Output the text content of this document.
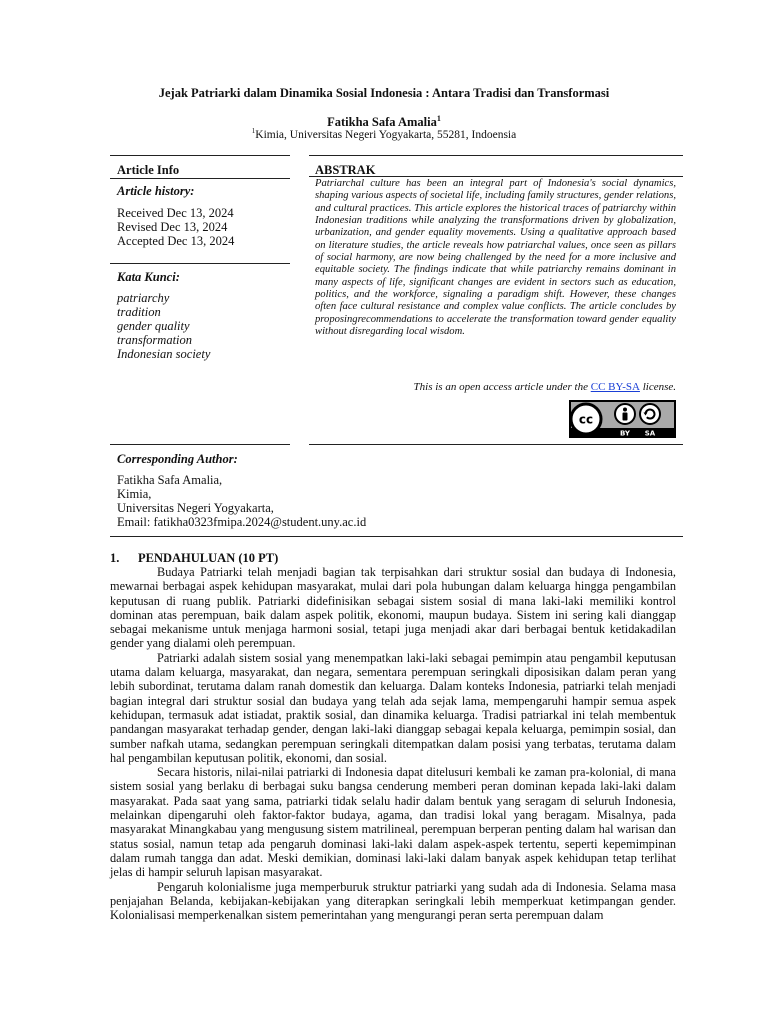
Jejak Patriarki dalam Dinamika Sosial Indonesia : Antara Tradisi dan Transformasi
Fatikha Safa Amalia$^1$
$^1$Kimia, Universitas Negeri Yogyakarta, 55281, Indoensia
Article Info
Article history:
Received Dec 13, 2024
Revised Dec 13, 2024
Accepted Dec 13, 2024
Kata Kunci:
patriarchy
tradition
gender quality
transformation
Indonesian society
ABSTRAK
Patriarchal culture has been an integral part of Indonesia's social dynamics, shaping various aspects of societal life, including family structures, gender relations, and cultural practices. This article explores the historical traces of patriarchy within Indonesian traditions while analyzing the transformations driven by globalization, urbanization, and gender equality movements. Using a qualitative approach based on literature studies, the article reveals how patriarchal values, once seen as pillars of social harmony, are now being challenged by the need for a more inclusive and equitable society. The findings indicate that while patriarchy remains dominant in many aspects of life, significant changes are evident in sectors such as education, politics, and the workforce, signaling a paradigm shift. However, these changes often face cultural resistance and complex value conflicts. The article concludes by proposingrecommendations to accelerate the transformation toward gender equality without disregarding local wisdom.
This is an open access article under the CC BY-SA license.
cc
BY SA
Corresponding Author:
Fatikha Safa Amalia,
Kimia,
Universitas Negeri Yogyakarta,
Email: fatikha0323fmipa.2024@student.uny.ac.id
1. PENDAHULUAN (10 PT)

Budaya Patriarki telah menjadi bagian tak terpisahkan dari struktur sosial dan budaya di Indonesia, mewarnai berbagai aspek kehidupan masyarakat, mulai dari pola hubungan dalam keluarga hingga pengambilan keputusan di ruang publik. Patriarki didefinisikan sebagai sistem sosial di mana laki-laki memiliki kontrol dominan atas perempuan, baik dalam aspek politik, ekonomi, maupun budaya. Sistem ini sering kali dianggap sebagai mekanisme untuk menjaga harmoni sosial, tetapi juga menjadi akar dari berbagai bentuk ketidakadilan gender yang dialami oleh perempuan.

Patriarki adalah sistem sosial yang menempatkan laki-laki sebagai pemimpin atau pengambil keputusan utama dalam keluarga, masyarakat, dan negara, sementara perempuan seringkali diposisikan dalam peran yang lebih subordinat, terutama dalam ranah domestik dan keluarga. Dalam konteks Indonesia, patriarki telah menjadi bagian integral dari struktur sosial dan budaya yang telah ada sejak lama, mempengaruhi hampir semua aspek kehidupan, termasuk adat istiadat, praktik sosial, dan dinamika keluarga. Tradisi patriarkal ini telah membentuk pandangan masyarakat terhadap gender, dengan laki-laki dianggap sebagai kepala keluarga, pemimpin sosial, dan sumber nafkah utama, sedangkan perempuan seringkali ditempatkan dalam posisi yang terbatas, terutama dalam hal pengambilan keputusan politik, ekonomi, dan sosial.

Secara historis, nilai-nilai patriarki di Indonesia dapat ditelusuri kembali ke zaman pra-kolonial, di mana sistem sosial yang berlaku di berbagai suku bangsa cenderung memberi peran dominan kepada laki-laki dalam masyarakat. Pada saat yang sama, patriarki tidak selalu hadir dalam bentuk yang seragam di seluruh Indonesia, melainkan dipengaruhi oleh faktor-faktor budaya, agama, dan tradisi lokal yang beragam. Misalnya, pada masyarakat Minangkabau yang mengusung sistem matrilineal, perempuan berperan penting dalam hal warisan dan status sosial, namun tetap ada pengaruh dominasi laki-laki dalam aspek-aspek tertentu, seperti kepemimpinan dalam rumah tangga dan adat. Meski demikian, dominasi laki-laki dalam banyak aspek kehidupan tetap terlihat jelas di hampir seluruh lapisan masyarakat.

Pengaruh kolonialisme juga memperburuk struktur patriarki yang sudah ada di Indonesia. Selama masa penjajahan Belanda, kebijakan-kebijakan yang diterapkan seringkali lebih memperkuat ketimpangan gender. Kolonialisasi memperkenalkan sistem pemerintahan yang mengurangi peran serta perempuan dalam
